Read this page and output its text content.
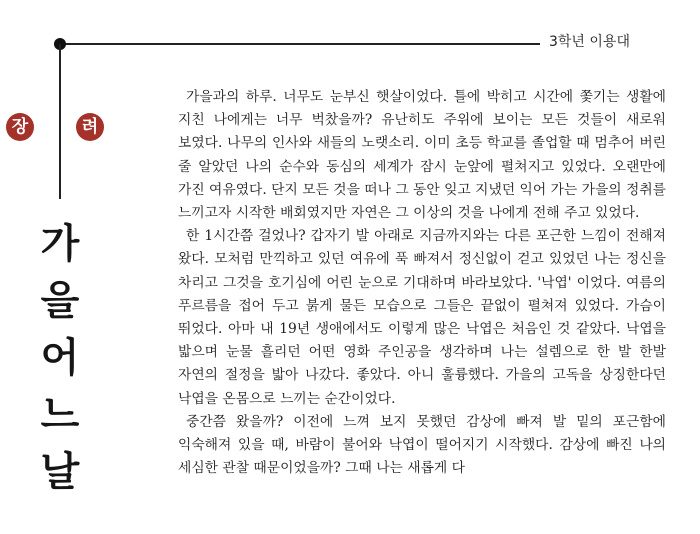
3학년 이용대
장	려
가
을
어
느
날

가을과의 하루. 너무도 눈부신 햇살이었다. 틀에 박히고 시간에 쫓기는 생활에 지친 나에게는 너무 벅찼을까? 유난히도 주위에 보이는 모든 것들이 새로워 보였다. 나무의 인사와 새들의 노랫소리. 이미 초등 학교를 졸업할 때 멈추어 버린 줄 알았던 나의 순수와 동심의 세계가 잠시 눈앞에 펼쳐지고 있었다. 오랜만에 가진 여유였다. 단지 모든 것을 떠나 그 동안 잊고 지냈던 익어 가는 가을의 정취를 느끼고자 시작한 배회였지만 자연은 그 이상의 것을 나에게 전해 주고 있었다.

한 1시간쯤 걸었나? 갑자기 발 아래로 지금까지와는 다른 포근한 느낌이 전해져 왔다. 모처럼 만끽하고 있던 여유에 푹 빠져서 정신없이 걷고 있었던 나는 정신을 차리고 그것을 호기심에 어린 눈으로 기대하며 바라보았다. '낙엽' 이었다. 여름의 푸르름을 접어 두고 붉게 물든 모습으로 그들은 끝없이 펼쳐져 있었다. 가슴이 뛰었다. 아마 내 19년 생애에서도 이렇게 많은 낙엽은 처음인 것 같았다. 낙엽을 밟으며 눈물 흘리던 어떤 영화 주인공을 생각하며 나는 설렘으로 한 발 한발 자연의 절정을 밟아 나갔다. 좋았다. 아니 훌륭했다. 가을의 고독을 상징한다던 낙엽을 온몸으로 느끼는 순간이었다.

중간쯤 왔을까? 이전에 느껴 보지 못했던 감상에 빠져 발 밑의 포근함에 익숙해져 있을 때, 바람이 불어와 낙엽이 떨어지기 시작했다. 감상에 빠진 나의 세심한 관찰 때문이었을까? 그때 나는 새롭게 다
